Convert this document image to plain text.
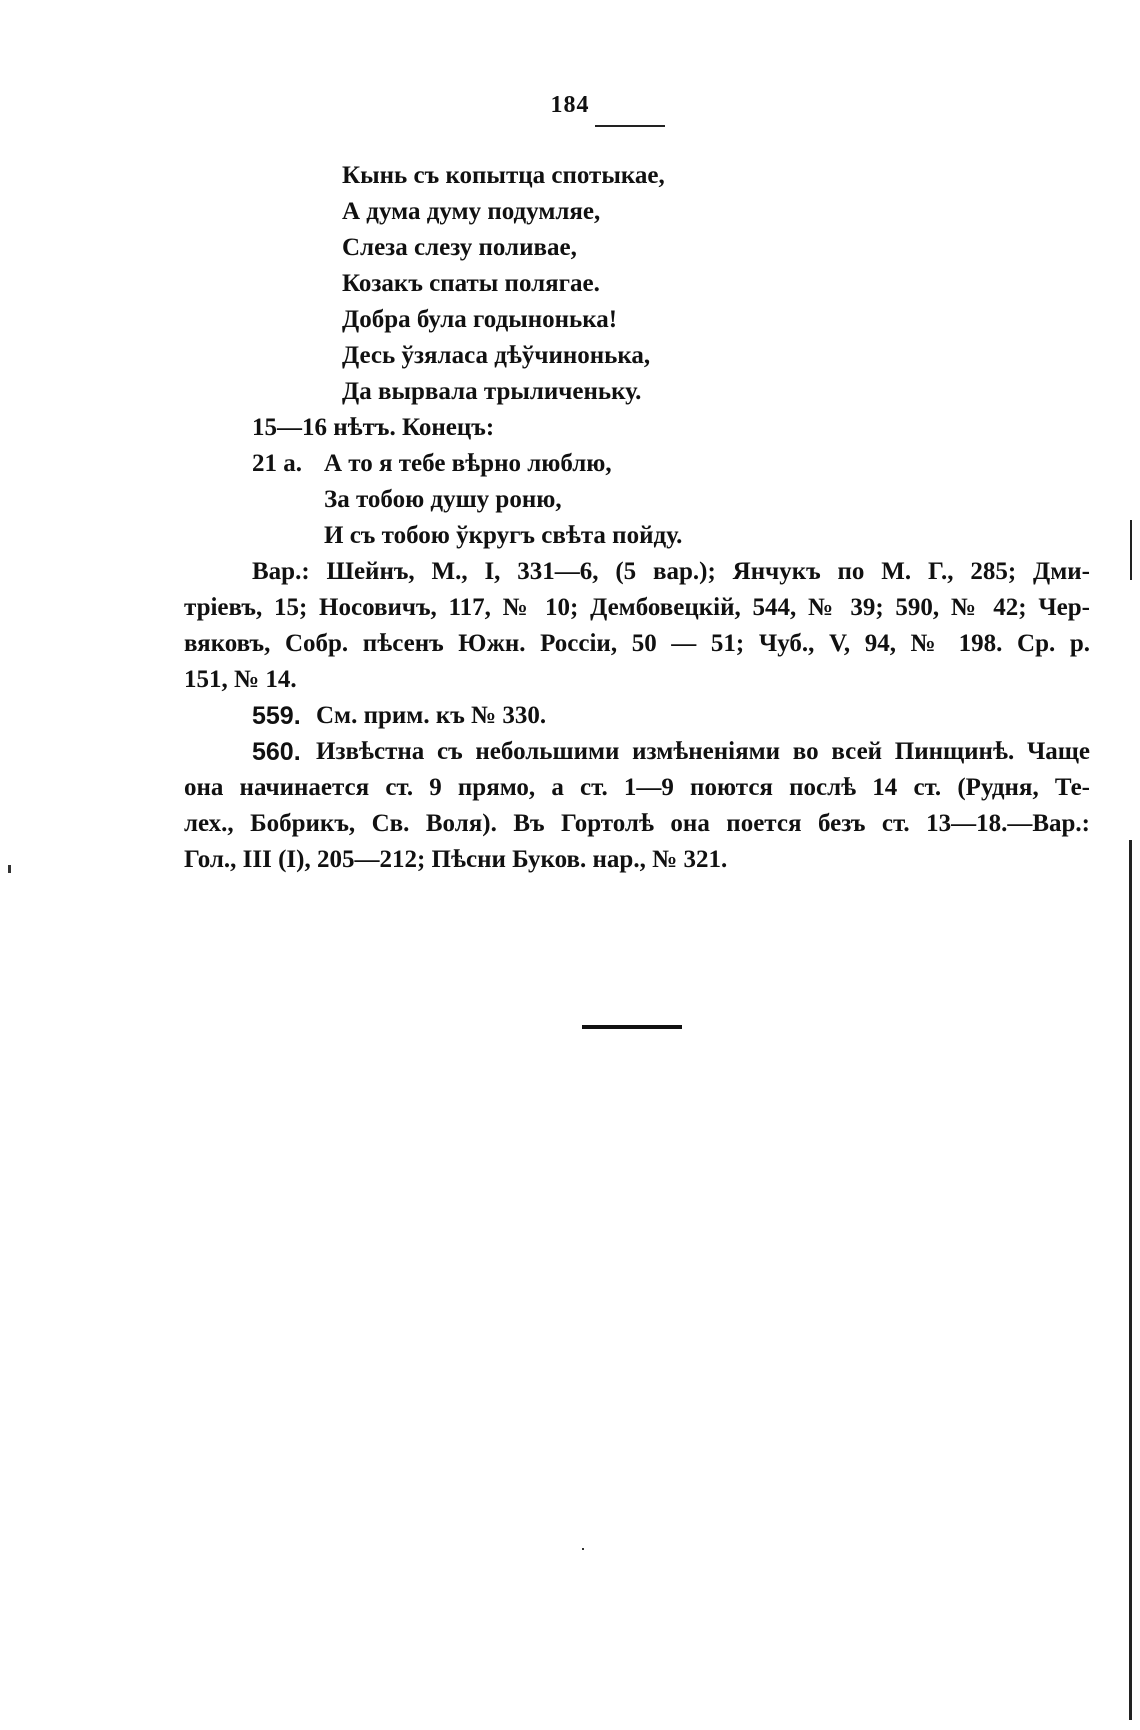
184
Кынь съ копытца спотыкае,
А дума думу подумляе,
Слеза слезу поливае,
Козакъ спаты полягае.
Добра була годынонька!
Десь ўзяласа дѣўчинонька,
Да вырвала трыличеньку.
15—16 нѣтъ. Конецъ:
21 а. А то я тебе вѣрно люблю,
За тобою душу роню,
И съ тобою ўкругъ свѣта пойду.
Вар.: Шейнъ, М., I, 331—6, (5 вар.); Янчукъ по М. Г., 285; Дми-
тріевъ, 15; Носовичъ, 117, № 10; Дембовецкій, 544, № 39; 590, № 42; Чер-
вяковъ, Собр. пѣсенъ Южн. Россіи, 50 — 51; Чуб., V, 94, № 198. Ср. р.
151, № 14.
559. См. прим. къ № 330.
560. Извѣстна съ небольшими измѣненіями во всей Пинщинѣ. Чаще
она начинается ст. 9 прямо, а ст. 1—9 поются послѣ 14 ст. (Рудня, Те-
лех., Бобрикъ, Св. Воля). Въ Гортолѣ она поется безъ ст. 13—18.—Вар.:
Гол., III (I), 205—212; Пѣсни Буков. нар., № 321.
